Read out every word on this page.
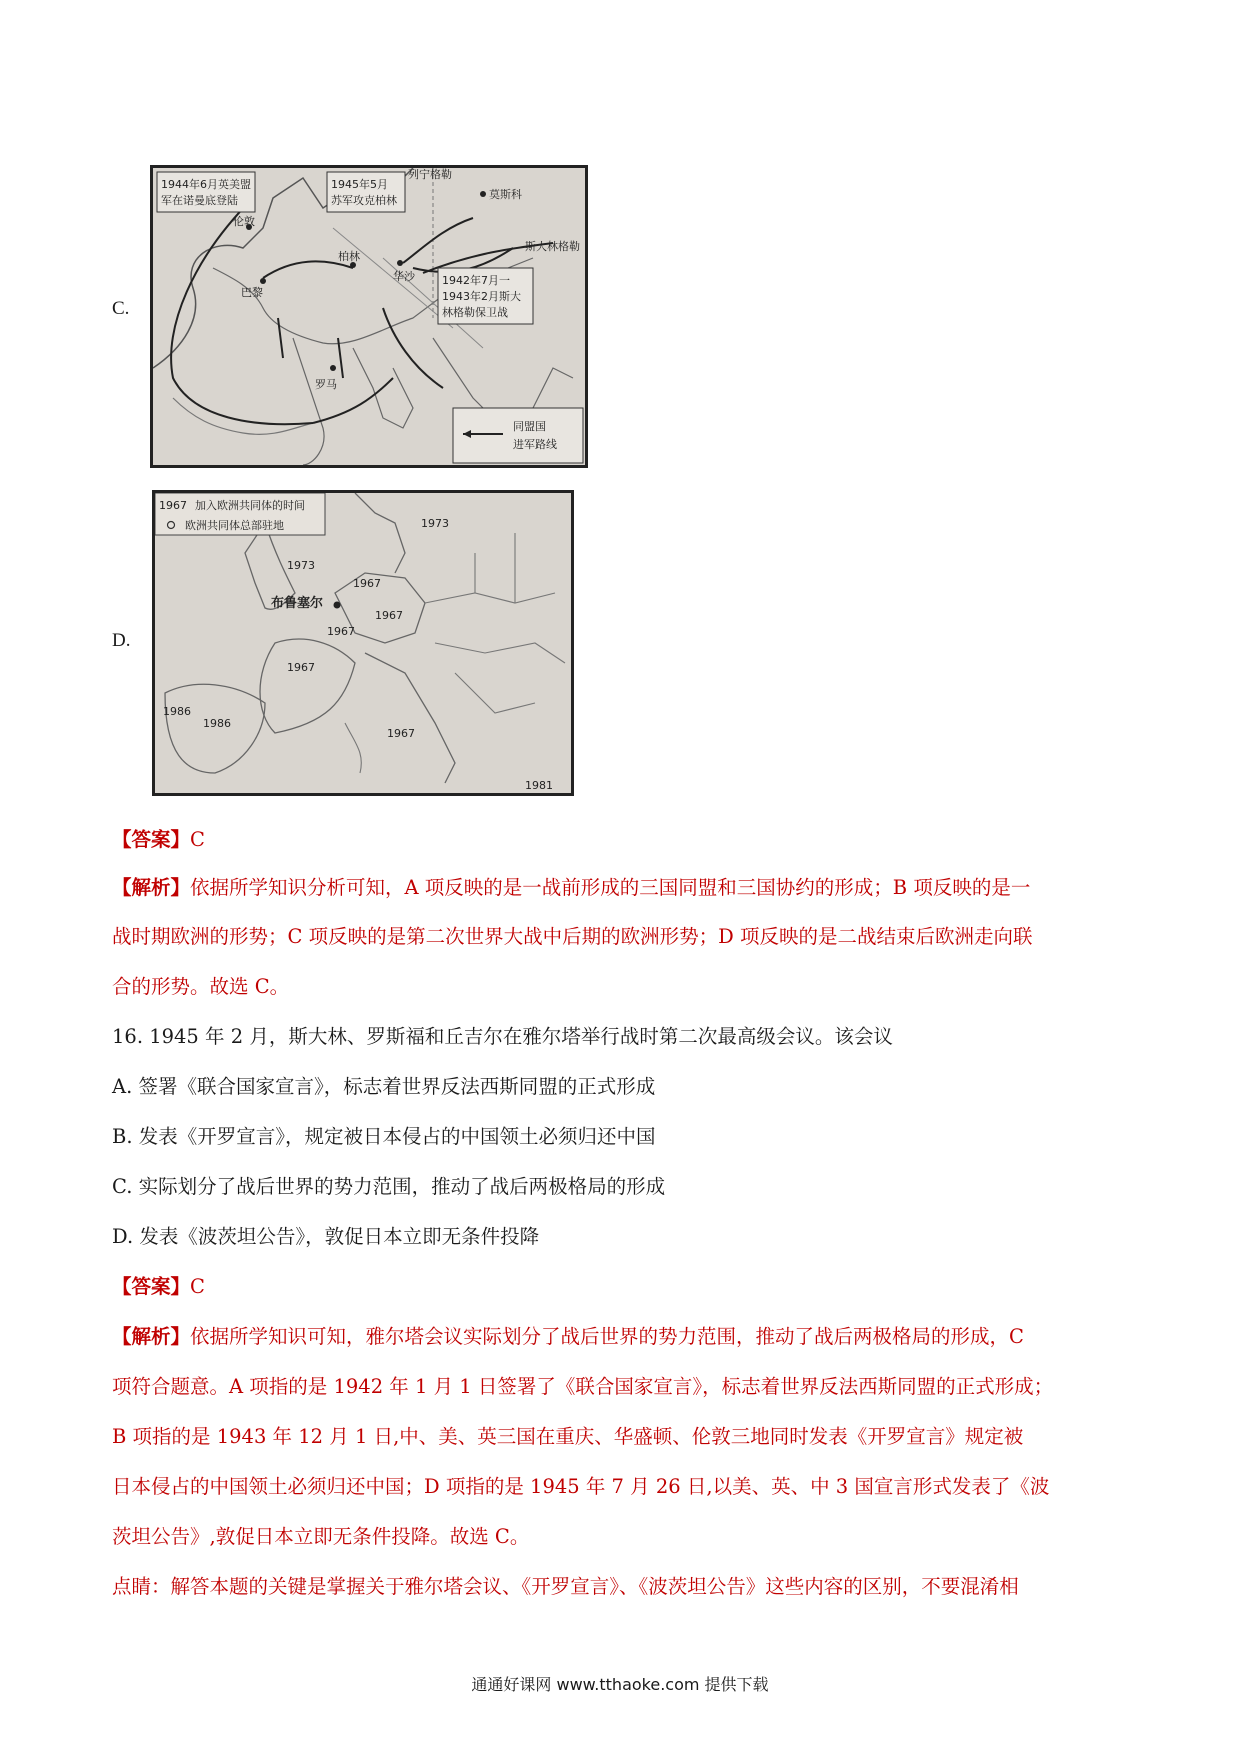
C.
1944年6月英美盟
军在诺曼底登陆
1945年5月
苏军攻克柏林
列宁格勒
莫斯科
伦敦
柏林
斯大林格勒
巴黎
华沙 1942年7月一
1943年2月斯大
林格勒保卫战
罗马
同盟国
进军路线
D.
1967 加入欧洲共同体的时间
欧洲共同体总部驻地
布鲁塞尔
1973
1973
1967
1967
1967
1967
1986
1986
1967
1981
【答案】C
【解析】依据所学知识分析可知，A 项反映的是一战前形成的三国同盟和三国协约的形成；B 项反映的是一
战时期欧洲的形势；C 项反映的是第二次世界大战中后期的欧洲形势；D 项反映的是二战结束后欧洲走向联
合的形势。故选 C。
16. 1945 年 2 月，斯大林、罗斯福和丘吉尔在雅尔塔举行战时第二次最高级会议。该会议
A. 签署《联合国家宣言》，标志着世界反法西斯同盟的正式形成
B. 发表《开罗宣言》，规定被日本侵占的中国领土必须归还中国
C. 实际划分了战后世界的势力范围，推动了战后两极格局的形成
D. 发表《波茨坦公告》，敦促日本立即无条件投降
【答案】C
【解析】依据所学知识可知，雅尔塔会议实际划分了战后世界的势力范围，推动了战后两极格局的形成，C
项符合题意。A 项指的是 1942 年 1 月 1 日签署了《联合国家宣言》，标志着世界反法西斯同盟的正式形成；
B 项指的是 1943 年 12 月 1 日,中、美、英三国在重庆、华盛顿、伦敦三地同时发表《开罗宣言》规定被
日本侵占的中国领土必须归还中国；D 项指的是 1945 年 7 月 26 日,以美、英、中 3 国宣言形式发表了《波
茨坦公告》,敦促日本立即无条件投降。故选 C。
点睛：解答本题的关键是掌握关于雅尔塔会议、《开罗宣言》、《波茨坦公告》这些内容的区别，不要混淆相
通通好课网 www.tthaoke.com 提供下载
